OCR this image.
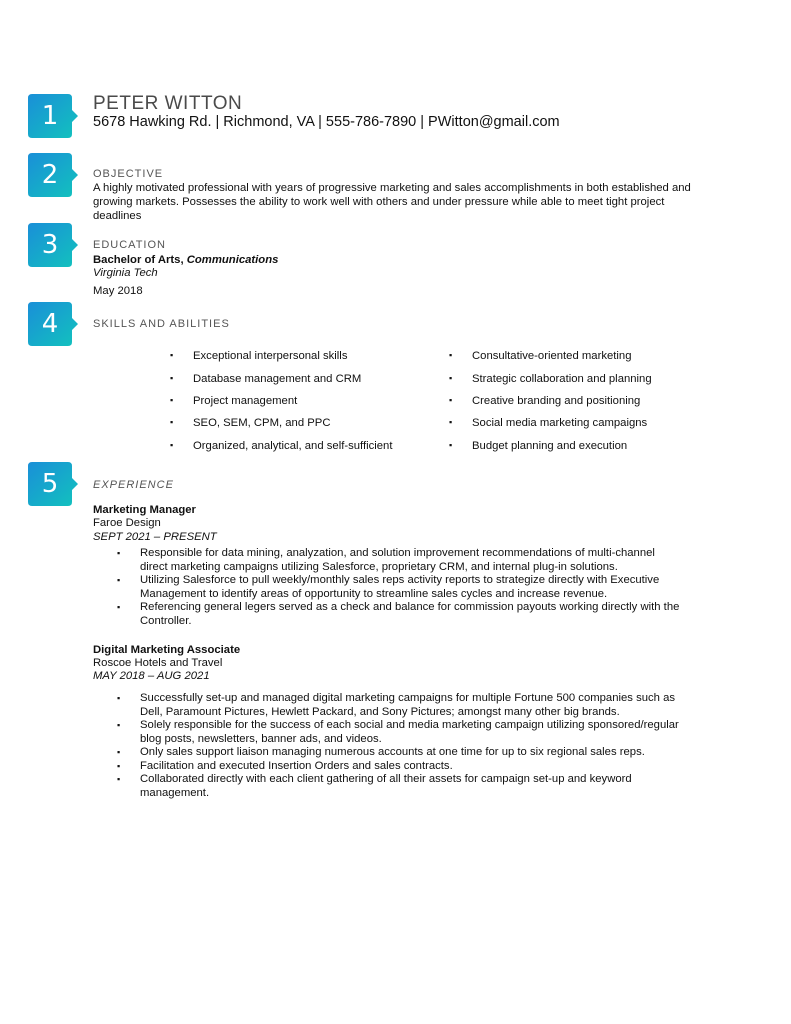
1
2
3
4
5
PETER WITTON
5678 Hawking Rd. | Richmond, VA | 555-786-7890 | PWitton@gmail.com
OBJECTIVE
A highly motivated professional with years of progressive marketing and sales accomplishments in both established and growing markets. Possesses the ability to work well with others and under pressure while able to meet tight project deadlines
EDUCATION
Bachelor of Arts, Communications
Virginia Tech
May 2018
SKILLS AND ABILITIES
▪ Exceptional interpersonal skills
▪ Database management and CRM
▪ Project management
▪ SEO, SEM, CPM, and PPC
▪ Organized, analytical, and self-sufficient
▪ Consultative-oriented marketing
▪ Strategic collaboration and planning
▪ Creative branding and positioning
▪ Social media marketing campaigns
▪ Budget planning and execution
EXPERIENCE
Marketing Manager
Faroe Design
SEPT 2021 – PRESENT
▪ Responsible for data mining, analyzation, and solution improvement recommendations of multi-channel direct marketing campaigns utilizing Salesforce, proprietary CRM, and internal plug-in solutions.
▪ Utilizing Salesforce to pull weekly/monthly sales reps activity reports to strategize directly with Executive Management to identify areas of opportunity to streamline sales cycles and increase revenue.
▪ Referencing general legers served as a check and balance for commission payouts working directly with the Controller.
Digital Marketing Associate
Roscoe Hotels and Travel
MAY 2018 – AUG 2021
▪ Successfully set-up and managed digital marketing campaigns for multiple Fortune 500 companies such as Dell, Paramount Pictures, Hewlett Packard, and Sony Pictures; amongst many other big brands.
▪ Solely responsible for the success of each social and media marketing campaign utilizing sponsored/regular blog posts, newsletters, banner ads, and videos.
▪ Only sales support liaison managing numerous accounts at one time for up to six regional sales reps.
▪ Facilitation and executed Insertion Orders and sales contracts.
▪ Collaborated directly with each client gathering of all their assets for campaign set-up and keyword management.
